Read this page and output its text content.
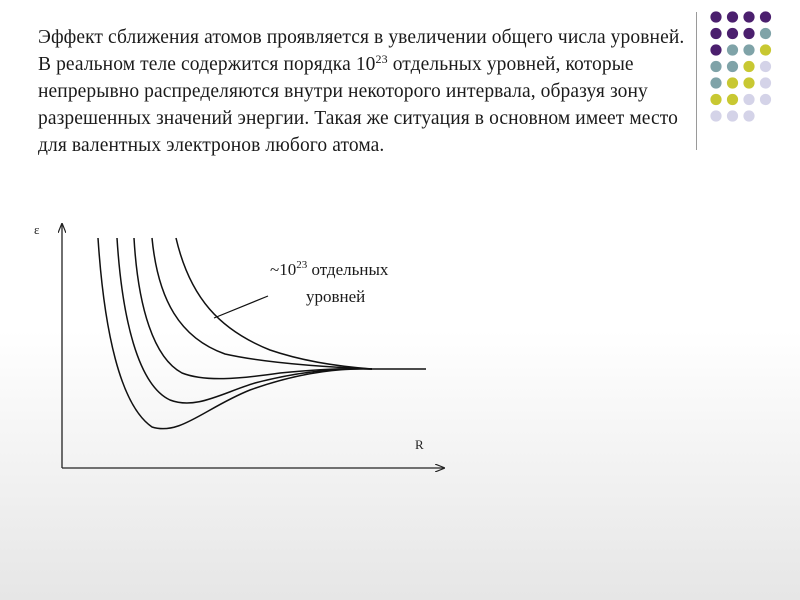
Эффект сближения атомов проявляется в увеличении общего числа уровней. В реальном теле содержится порядка $10^{23}$ отдельных уровней, которые непрерывно распределяются внутри некоторого интервала, образуя зону разрешенных значений энергии. Такая же ситуация в основном имеет место для валентных электронов любого атома.
ε
R
$\sim 10^{23}$ отдельных
уровней
